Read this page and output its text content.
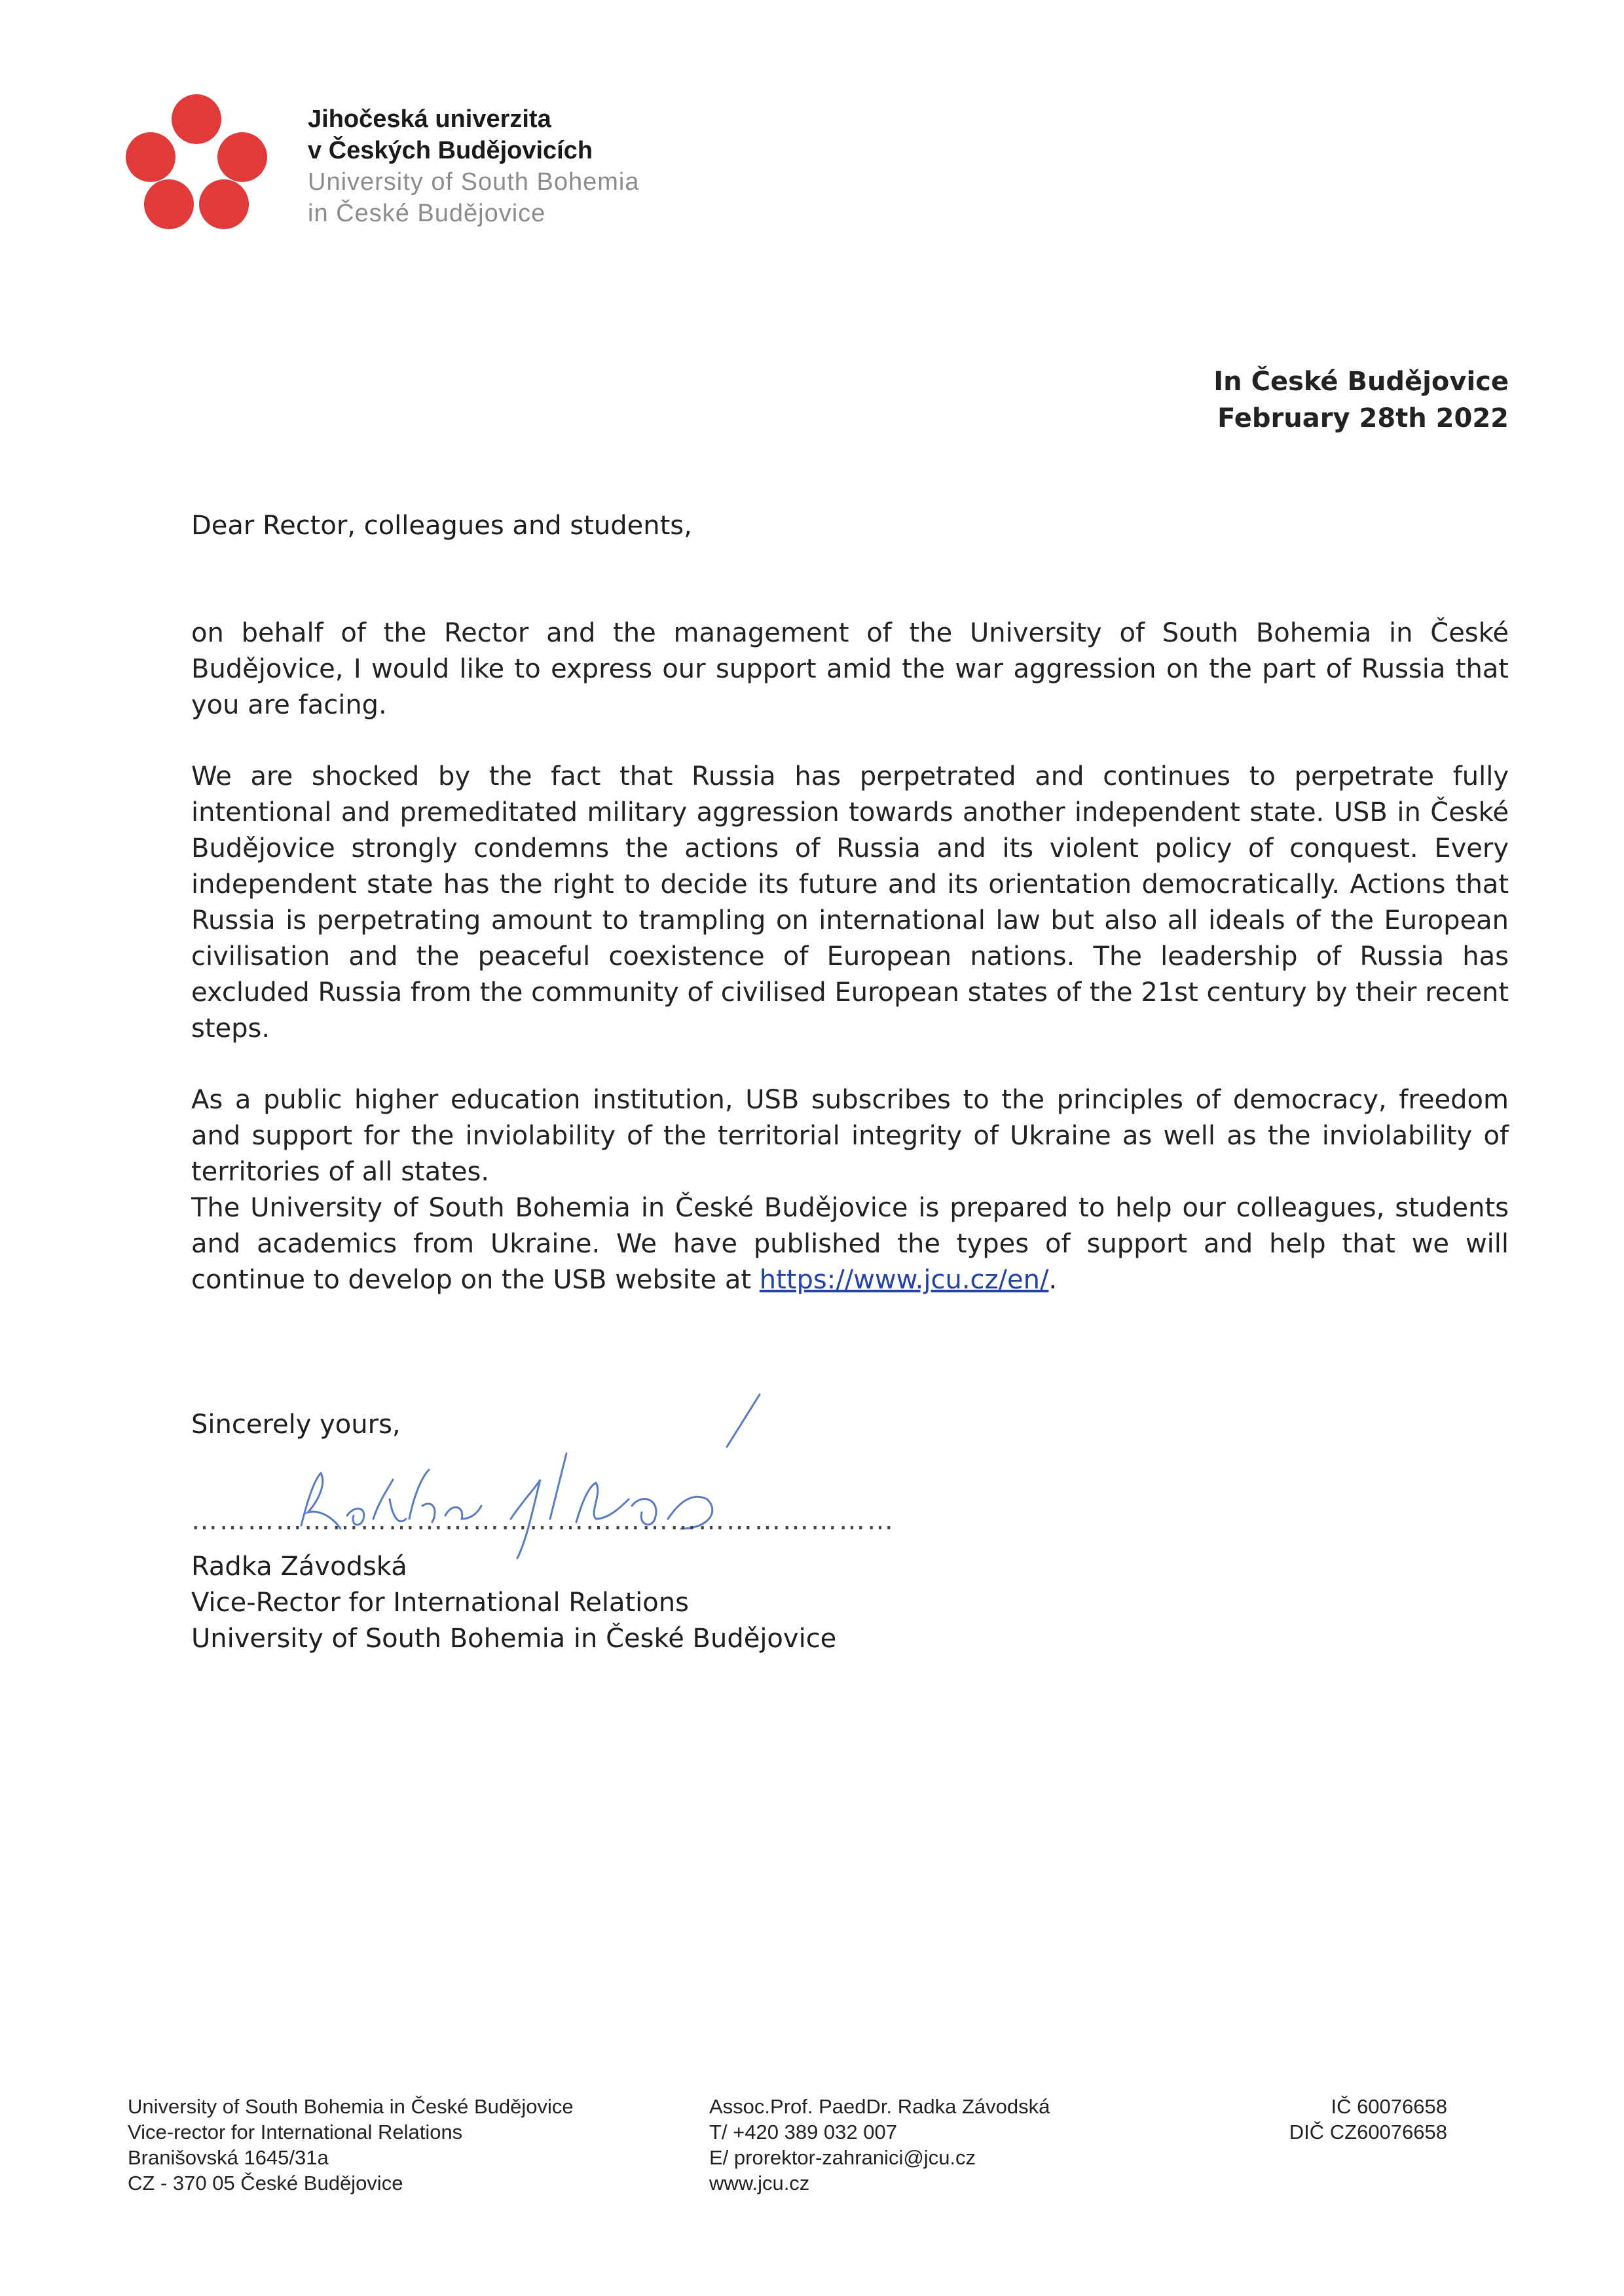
Jihočeská univerzita
v Českých Budějovicích
University of South Bohemia
in České Budějovice
In České Budějovice
February 28th 2022
Dear Rector, colleagues and students,

on behalf of the Rector and the management of the University of South Bohemia in České Budějovice, I would like to express our support amid the war aggression on the part of Russia that you are facing.

We are shocked by the fact that Russia has perpetrated and continues to perpetrate fully intentional and premeditated military aggression towards another independent state. USB in České Budějovice strongly condemns the actions of Russia and its violent policy of conquest. Every independent state has the right to decide its future and its orientation democratically. Actions that Russia is perpetrating amount to trampling on international law but also all ideals of the European civilisation and the peaceful coexistence of European nations. The leadership of Russia has excluded Russia from the community of civilised European states of the 21st century by their recent steps.

As a public higher education institution, USB subscribes to the principles of democracy, freedom and support for the inviolability of the territorial integrity of Ukraine as well as the inviolability of territories of all states.

The University of South Bohemia in České Budějovice is prepared to help our colleagues, students and academics from Ukraine. We have published the types of support and help that we will continue to develop on the USB website at https://www.jcu.cz/en/.

Sincerely yours,
…………………………………………………………………
Radka Závodská
Vice-Rector for International Relations
University of South Bohemia in České Budějovice
University of South Bohemia in České Budějovice
Vice-rector for International Relations
Branišovská 1645/31a
CZ - 370 05 České Budějovice
Assoc.Prof. PaedDr. Radka Závodská
T/ +420 389 032 007
E/ prorektor-zahranici@jcu.cz
www.jcu.cz
IČ 60076658
DIČ CZ60076658
